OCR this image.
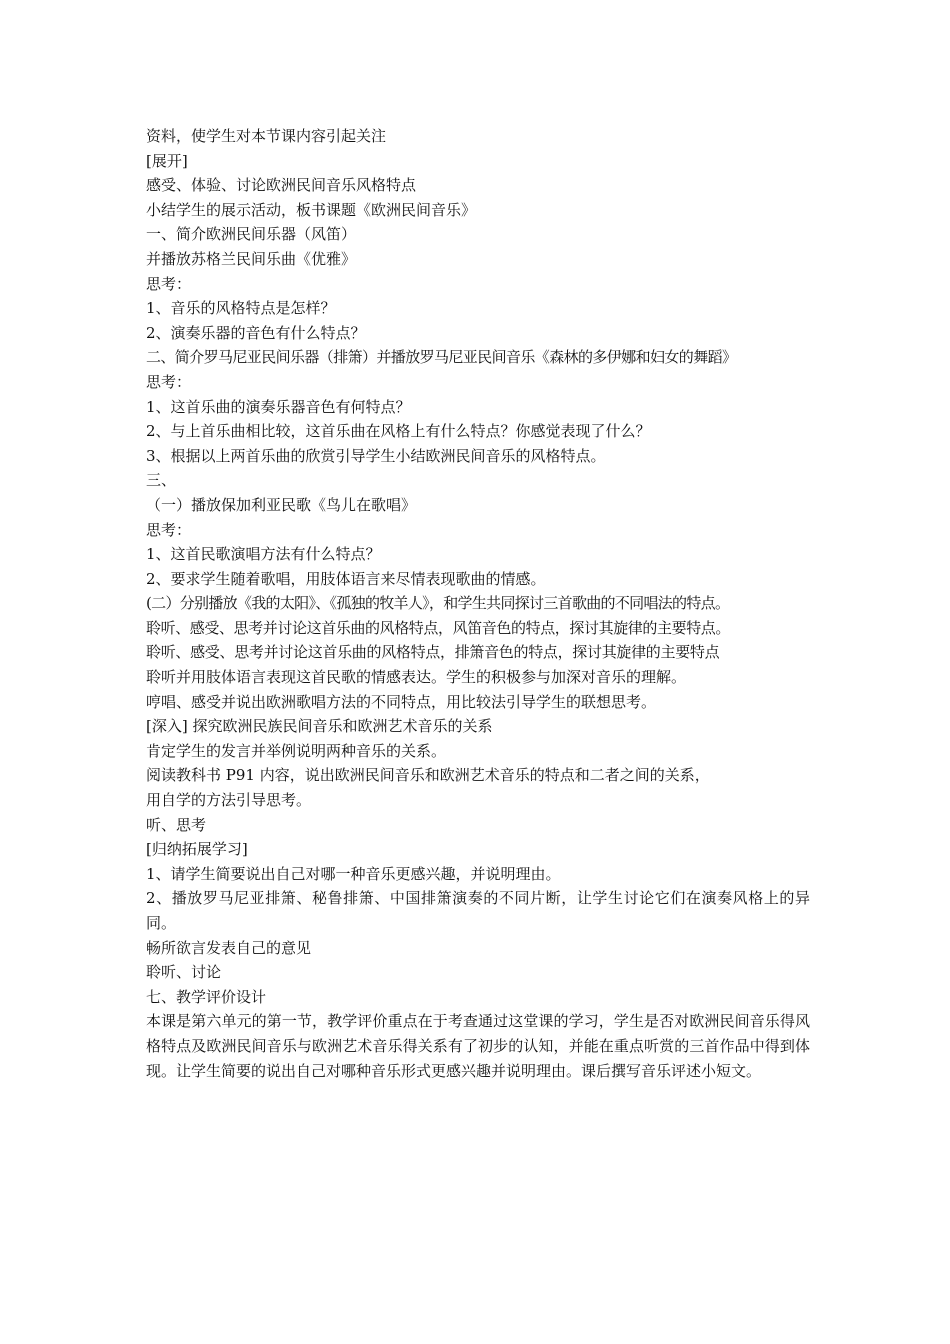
资料，使学生对本节课内容引起关注
[展开]
感受、体验、讨论欧洲民间音乐风格特点
小结学生的展示活动，板书课题《欧洲民间音乐》
一、简介欧洲民间乐器（风笛）
并播放苏格兰民间乐曲《优雅》
思考：
1、音乐的风格特点是怎样？
2、演奏乐器的音色有什么特点？
二、简介罗马尼亚民间乐器（排箫）并播放罗马尼亚民间音乐《森林的多伊娜和妇女的舞蹈》
思考：
1、这首乐曲的演奏乐器音色有何特点？
2、与上首乐曲相比较，这首乐曲在风格上有什么特点？你感觉表现了什么？
3、根据以上两首乐曲的欣赏引导学生小结欧洲民间音乐的风格特点。
三、
（一）播放保加利亚民歌《鸟儿在歌唱》
思考：
1、这首民歌演唱方法有什么特点？
2、要求学生随着歌唱，用肢体语言来尽情表现歌曲的情感。
(二）分别播放《我的太阳》、《孤独的牧羊人》，和学生共同探讨三首歌曲的不同唱法的特点。
聆听、感受、思考并讨论这首乐曲的风格特点，风笛音色的特点，探讨其旋律的主要特点。
聆听、感受、思考并讨论这首乐曲的风格特点，排箫音色的特点，探讨其旋律的主要特点
聆听并用肢体语言表现这首民歌的情感表达。学生的积极参与加深对音乐的理解。
哼唱、感受并说出欧洲歌唱方法的不同特点，用比较法引导学生的联想思考。
[深入] 探究欧洲民族民间音乐和欧洲艺术音乐的关系
肯定学生的发言并举例说明两种音乐的关系。
阅读教科书 P91 内容，说出欧洲民间音乐和欧洲艺术音乐的特点和二者之间的关系，
用自学的方法引导思考。
听、思考
[归纳拓展学习]
1、请学生简要说出自己对哪一种音乐更感兴趣，并说明理由。
2、播放罗马尼亚排箫、秘鲁排箫、中国排箫演奏的不同片断，让学生讨论它们在演奏风格上的异同。
畅所欲言发表自己的意见
聆听、讨论
七、教学评价设计
本课是第六单元的第一节，教学评价重点在于考查通过这堂课的学习，学生是否对欧洲民间音乐得风格特点及欧洲民间音乐与欧洲艺术音乐得关系有了初步的认知，并能在重点听赏的三首作品中得到体现。让学生简要的说出自己对哪种音乐形式更感兴趣并说明理由。课后撰写音乐评述小短文。
